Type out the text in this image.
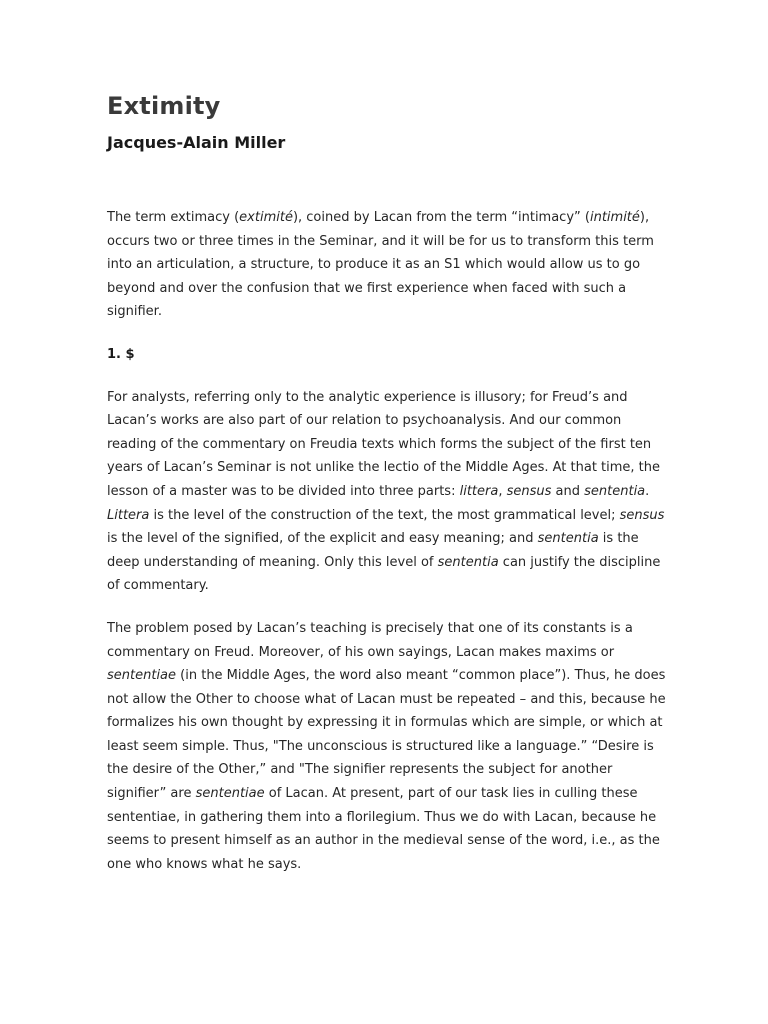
Extimity
Jacques-Alain Miller

The term extimacy (extimité), coined by Lacan from the term “intimacy” (intimité), occurs two or three times in the Seminar, and it will be for us to transform this term into an articulation, a structure, to produce it as an S1 which would allow us to go beyond and over the confusion that we first experience when faced with such a signifier.

1. $

For analysts, referring only to the analytic experience is illusory; for Freud’s and Lacan’s works are also part of our relation to psychoanalysis. And our common reading of the commentary on Freudia texts which forms the subject of the first ten years of Lacan’s Seminar is not unlike the lectio of the Middle Ages. At that time, the lesson of a master was to be divided into three parts: littera, sensus and sententia. Littera is the level of the construction of the text, the most grammatical level; sensus is the level of the signified, of the explicit and easy meaning; and sententia is the deep understanding of meaning. Only this level of sententia can justify the discipline of commentary.

The problem posed by Lacan’s teaching is precisely that one of its constants is a commentary on Freud. Moreover, of his own sayings, Lacan makes maxims or sententiae (in the Middle Ages, the word also meant “common place”). Thus, he does not allow the Other to choose what of Lacan must be repeated – and this, because he formalizes his own thought by expressing it in formulas which are simple, or which at least seem simple. Thus, "The unconscious is structured like a language.” “Desire is the desire of the Other,” and "The signifier represents the subject for another signifier” are sententiae of Lacan. At present, part of our task lies in culling these sententiae, in gathering them into a florilegium. Thus we do with Lacan, because he seems to present himself as an author in the medieval sense of the word, i.e., as the one who knows what he says.
